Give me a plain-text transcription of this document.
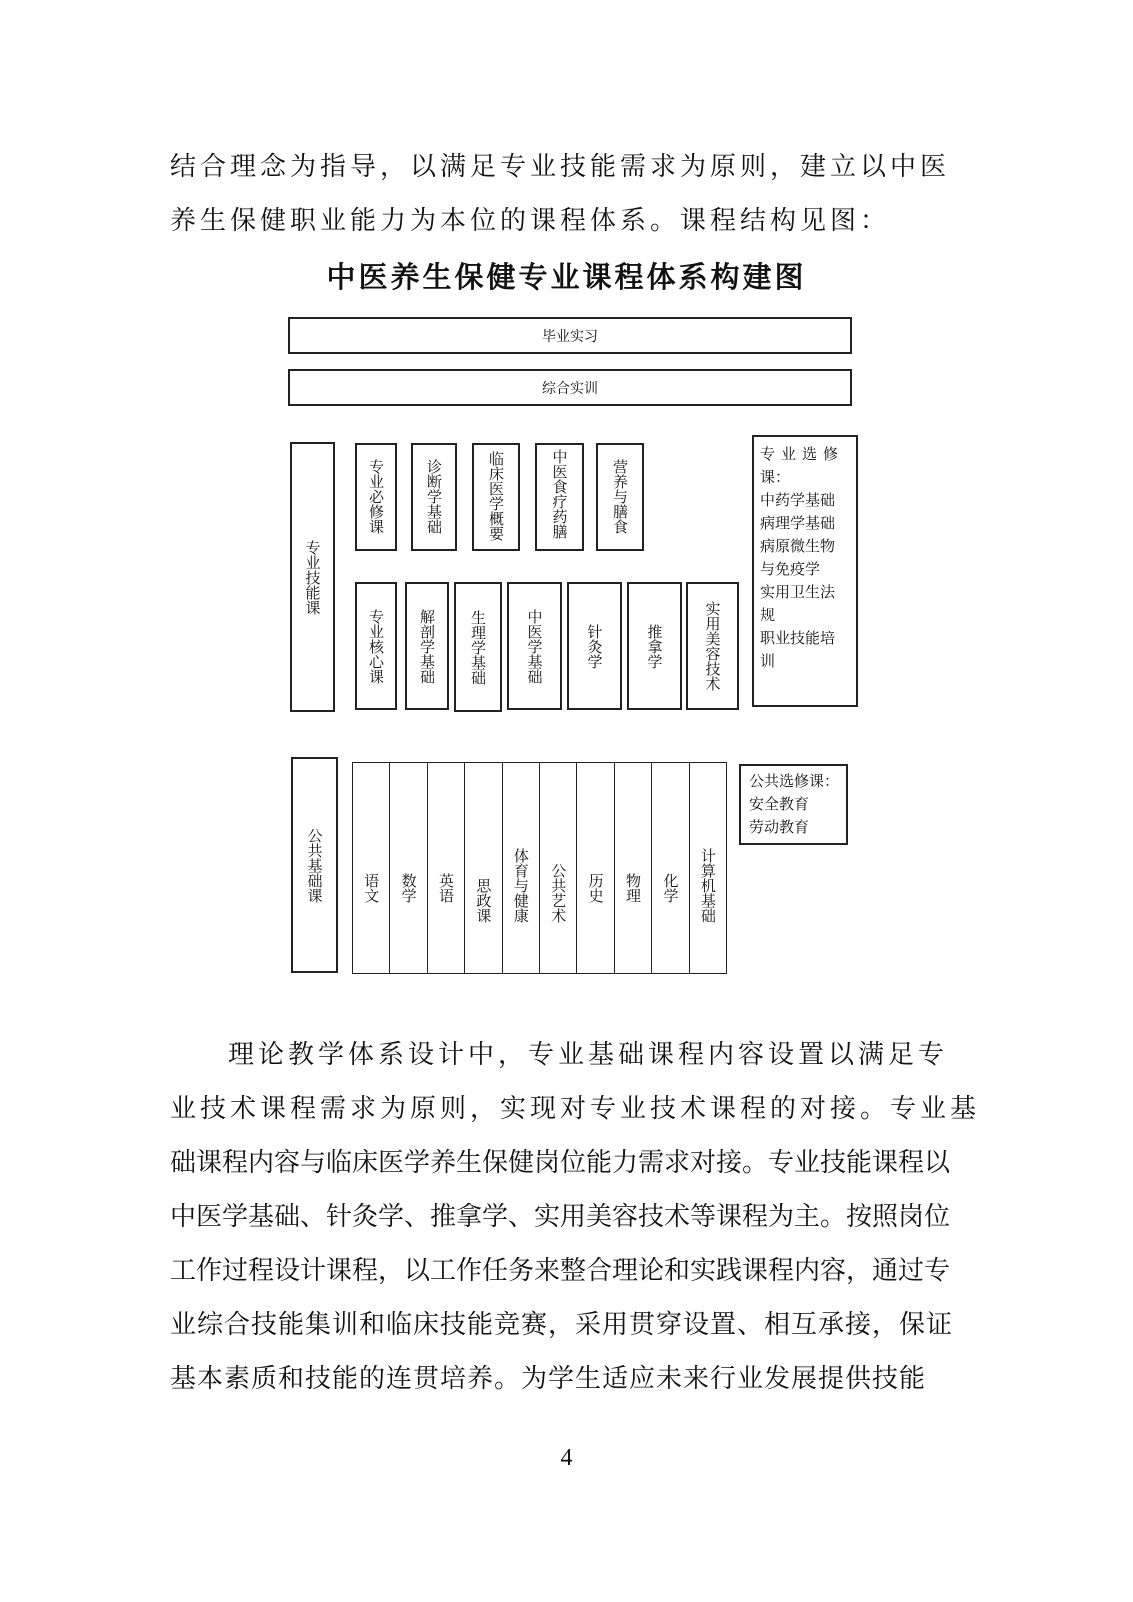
结合理念为指导，以满足专业技能需求为原则，建立以中医
养生保健职业能力为本位的课程体系。课程结构见图：
中医养生保健专业课程体系构建图
毕业实习
综合实训
专业技能课
专业必修课	诊断学基础	临床医学概要	中医食疗药膳	营养与膳食
专业核心课 解剖学基础 生理学基础	中医学基础	针灸学	推拿学	实用美容技术
专业选修
课：
中药学基础
病理学基础
病原微生物
与免疫学
实用卫生法
规
职业技能培
训
公共基础课	语文 数学 英语 思政课 体育与健康 公共艺术 历史 物理 化学 计算机基础
公共选修课：
安全教育
劳动教育
理论教学体系设计中，专业基础课程内容设置以满足专
业技术课程需求为原则，实现对专业技术课程的对接。专业基
础课程内容与临床医学养生保健岗位能力需求对接。专业技能课程以
中医学基础、针灸学、推拿学、实用美容技术等课程为主。按照岗位
工作过程设计课程，以工作任务来整合理论和实践课程内容，通过专
业综合技能集训和临床技能竞赛，采用贯穿设置、相互承接，保证
基本素质和技能的连贯培养。为学生适应未来行业发展提供技能
4
